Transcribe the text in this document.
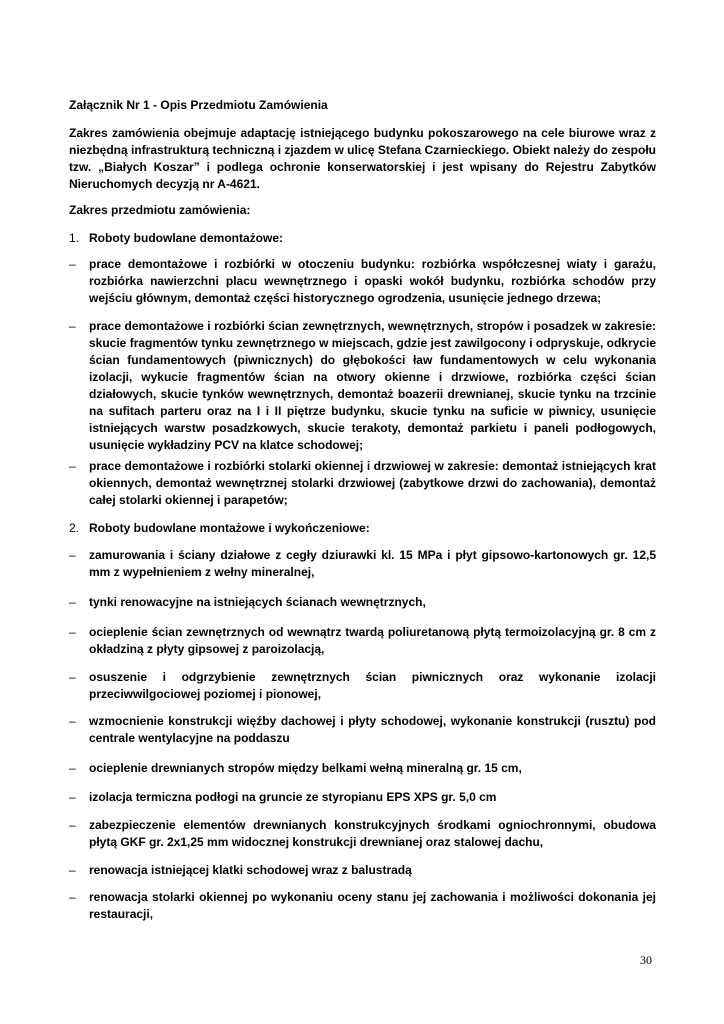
Załącznik Nr 1 - Opis Przedmiotu Zamówienia
Zakres zamówienia obejmuje adaptację istniejącego budynku pokoszarowego na cele biurowe wraz z niezbędną infrastrukturą techniczną i zjazdem w ulicę Stefana Czarnieckiego. Obiekt należy do zespołu tzw. „Białych Koszar” i podlega ochronie konserwatorskiej i jest wpisany do Rejestru Zabytków Nieruchomych decyzją nr A-4621.
Zakres przedmiotu zamówienia:
1. Roboty budowlane demontażowe:
–	prace demontażowe i rozbiórki w otoczeniu budynku: rozbiórka współczesnej wiaty i garażu, rozbiórka nawierzchni placu wewnętrznego i opaski wokół budynku, rozbiórka schodów przy wejściu głównym, demontaż części historycznego ogrodzenia, usunięcie jednego drzewa;
–	prace demontażowe i rozbiórki ścian zewnętrznych, wewnętrznych, stropów i posadzek w zakresie: skucie fragmentów tynku zewnętrznego w miejscach, gdzie jest zawilgocony i odpryskuje, odkrycie ścian fundamentowych (piwnicznych) do głębokości ław fundamentowych w celu wykonania izolacji, wykucie fragmentów ścian na otwory okienne i drzwiowe, rozbiórka części ścian działowych, skucie tynków wewnętrznych, demontaż boazerii drewnianej, skucie tynku na trzcinie na sufitach parteru oraz na I i II piętrze budynku, skucie tynku na suficie w piwnicy, usunięcie istniejących warstw posadzkowych, skucie terakoty, demontaż parkietu i paneli podłogowych, usunięcie wykładziny PCV na klatce schodowej;
–	prace demontażowe i rozbiórki stolarki okiennej i drzwiowej w zakresie: demontaż istniejących krat okiennych, demontaż wewnętrznej stolarki drzwiowej (zabytkowe drzwi do zachowania), demontaż całej stolarki okiennej i parapetów;
2. Roboty budowlane montażowe i wykończeniowe:
–	zamurowania i ściany działowe z cegły dziurawki kl. 15 MPa i płyt gipsowo-kartonowych gr. 12,5 mm z wypełnieniem z wełny mineralnej,
–	tynki renowacyjne na istniejących ścianach wewnętrznych,
–	ocieplenie ścian zewnętrznych od wewnątrz twardą poliuretanową płytą termoizolacyjną gr. 8 cm z okładziną z płyty gipsowej z paroizolacją,
–	osuszenie i odgrzybienie zewnętrznych ścian piwnicznych oraz wykonanie izolacji przeciwwilgociowej poziomej i pionowej,
–	wzmocnienie konstrukcji więźby dachowej i płyty schodowej, wykonanie konstrukcji (rusztu) pod centrale wentylacyjne na poddaszu
–	ocieplenie drewnianych stropów między belkami wełną mineralną gr. 15 cm,
–	izolacja termiczna podłogi na gruncie ze styropianu EPS XPS gr. 5,0 cm
–	zabezpieczenie elementów drewnianych konstrukcyjnych środkami ogniochronnymi, obudowa płytą GKF gr. 2x1,25 mm widocznej konstrukcji drewnianej oraz stalowej dachu,
–	renowacja istniejącej klatki schodowej wraz z balustradą
–	renowacja stolarki okiennej po wykonaniu oceny stanu jej zachowania i możliwości dokonania jej restauracji,
30
